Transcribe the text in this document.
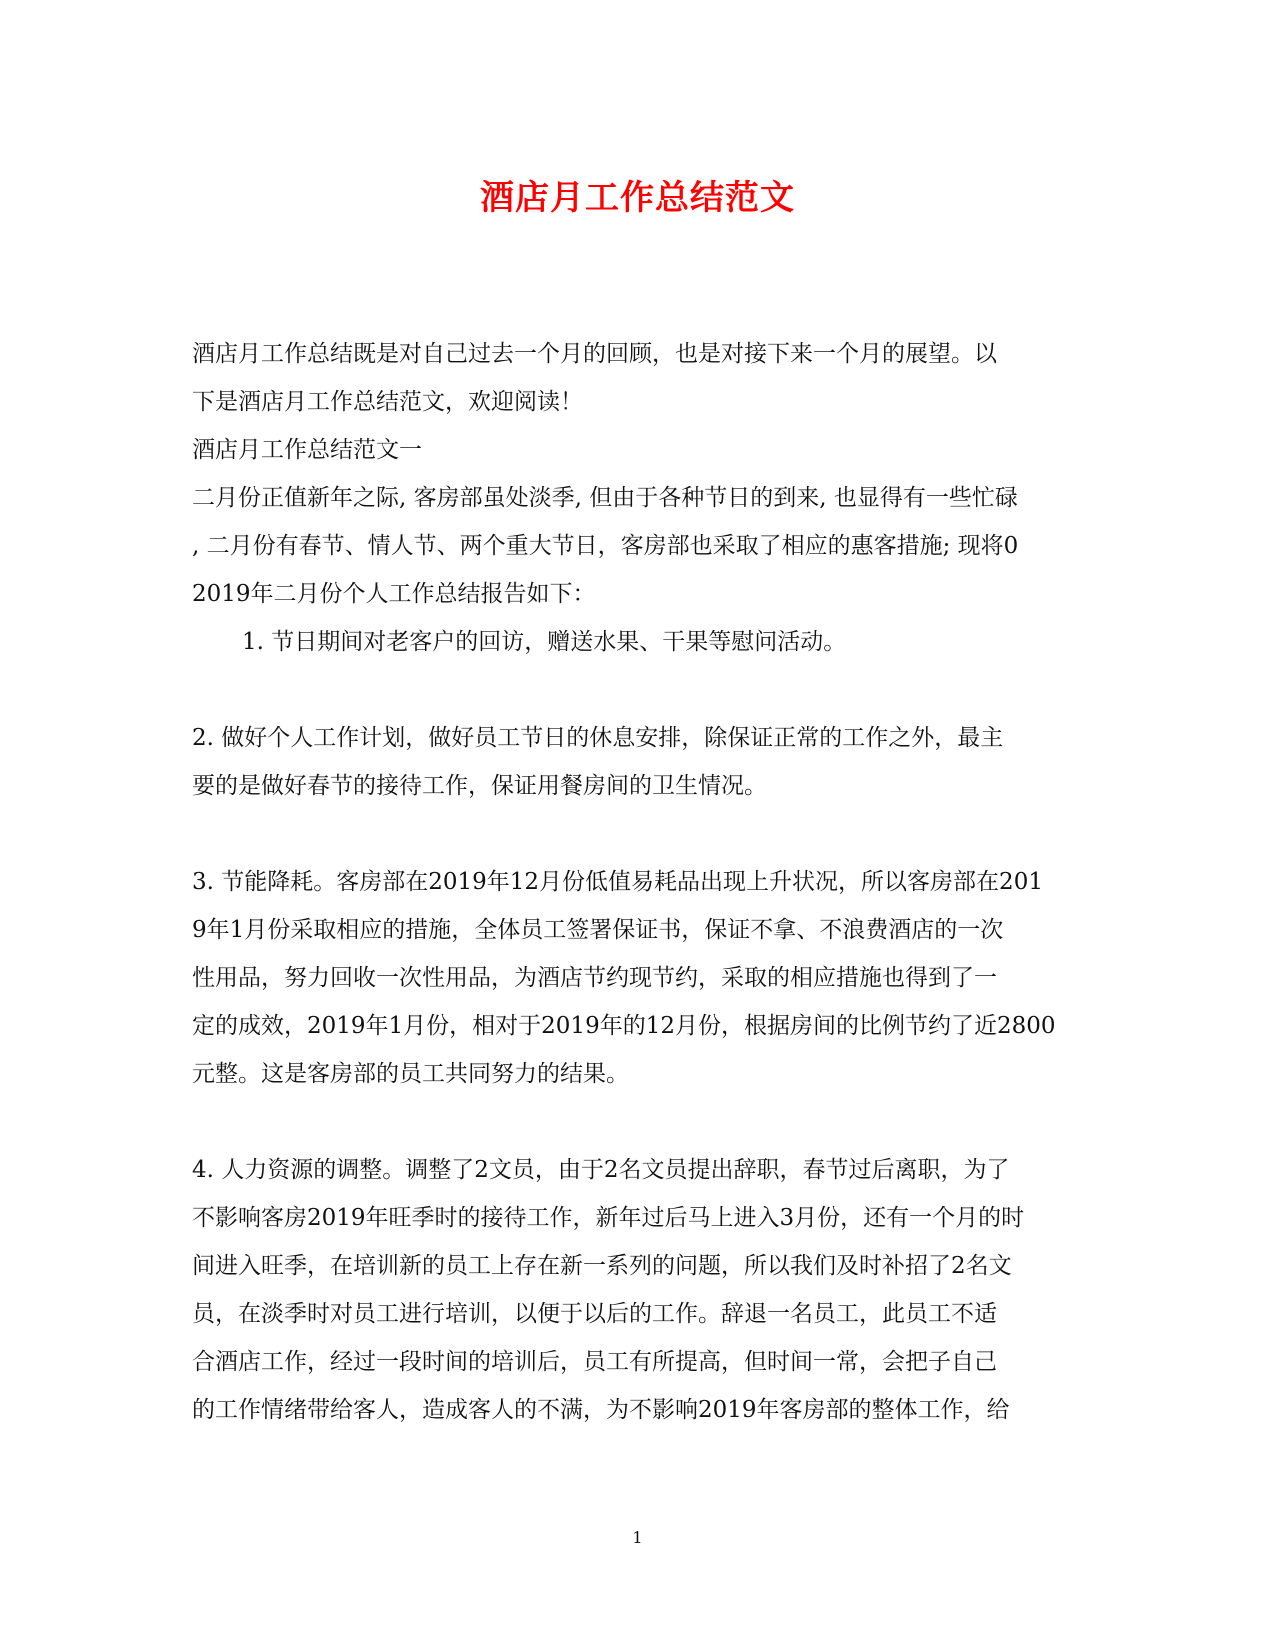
酒店月工作总结范文
酒店月工作总结既是对自己过去一个月的回顾，也是对接下来一个月的展望。以
下是酒店月工作总结范文，欢迎阅读！
酒店月工作总结范文一
二月份正值新年之际, 客房部虽处淡季, 但由于各种节日的到来, 也显得有一些忙碌
, 二月份有春节、情人节、两个重大节日，客房部也采取了相应的惠客措施; 现将0
2019年二月份个人工作总结报告如下：
1. 节日期间对老客户的回访，赠送水果、干果等慰问活动。
2. 做好个人工作计划，做好员工节日的休息安排，除保证正常的工作之外，最主
要的是做好春节的接待工作，保证用餐房间的卫生情况。
3. 节能降耗。客房部在2019年12月份低值易耗品出现上升状况，所以客房部在201
9年1月份采取相应的措施，全体员工签署保证书，保证不拿、不浪费酒店的一次
性用品，努力回收一次性用品，为酒店节约现节约，采取的相应措施也得到了一
定的成效，2019年1月份，相对于2019年的12月份，根据房间的比例节约了近2800
元整。这是客房部的员工共同努力的结果。
4. 人力资源的调整。调整了2文员，由于2名文员提出辞职，春节过后离职，为了
不影响客房2019年旺季时的接待工作，新年过后马上进入3月份，还有一个月的时
间进入旺季，在培训新的员工上存在新一系列的问题，所以我们及时补招了2名文
员，在淡季时对员工进行培训，以便于以后的工作。辞退一名员工，此员工不适
合酒店工作，经过一段时间的培训后，员工有所提高，但时间一常，会把子自己
的工作情绪带给客人，造成客人的不满，为不影响2019年客房部的整体工作，给
1
